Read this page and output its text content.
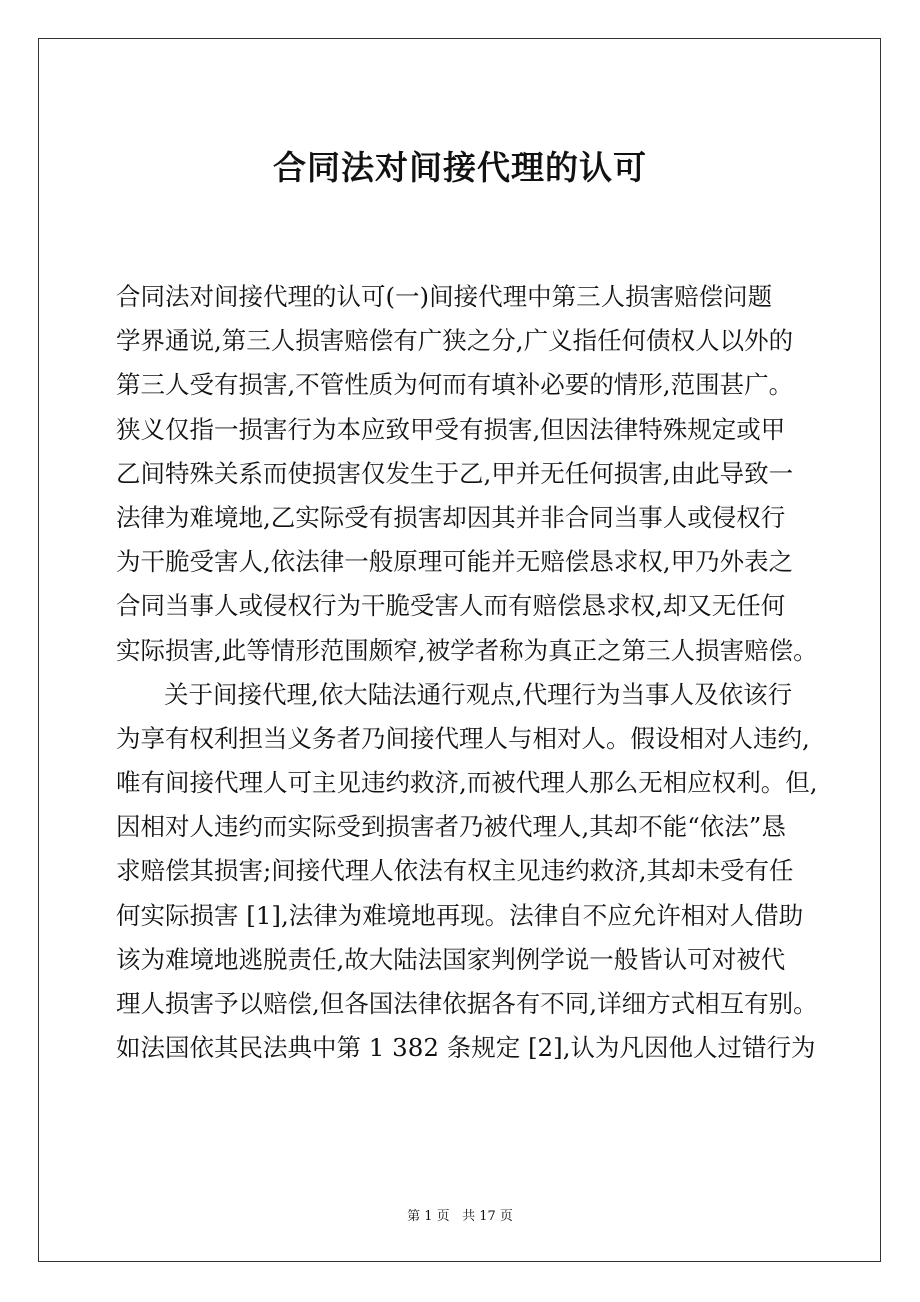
合同法对间接代理的认可
合同法对间接代理的认可(一)间接代理中第三人损害赔偿问题
学界通说,第三人损害赔偿有广狭之分,广义指任何债权人以外的
第三人受有损害,不管性质为何而有填补必要的情形,范围甚广。
狭义仅指一损害行为本应致甲受有损害,但因法律特殊规定或甲
乙间特殊关系而使损害仅发生于乙,甲并无任何损害,由此导致一
法律为难境地,乙实际受有损害却因其并非合同当事人或侵权行
为干脆受害人,依法律一般原理可能并无赔偿恳求权,甲乃外表之
合同当事人或侵权行为干脆受害人而有赔偿恳求权,却又无任何
实际损害,此等情形范围颇窄,被学者称为真正之第三人损害赔偿。
关于间接代理,依大陆法通行观点,代理行为当事人及依该行
为享有权利担当义务者乃间接代理人与相对人。假设相对人违约,
唯有间接代理人可主见违约救济,而被代理人那么无相应权利。但,
因相对人违约而实际受到损害者乃被代理人,其却不能“依法”恳
求赔偿其损害;间接代理人依法有权主见违约救济,其却未受有任
何实际损害 [1],法律为难境地再现。法律自不应允许相对人借助
该为难境地逃脱责任,故大陆法国家判例学说一般皆认可对被代
理人损害予以赔偿,但各国法律依据各有不同,详细方式相互有别。
如法国依其民法典中第 1 382 条规定 [2],认为凡因他人过错行为
第 1 页 共 17 页
